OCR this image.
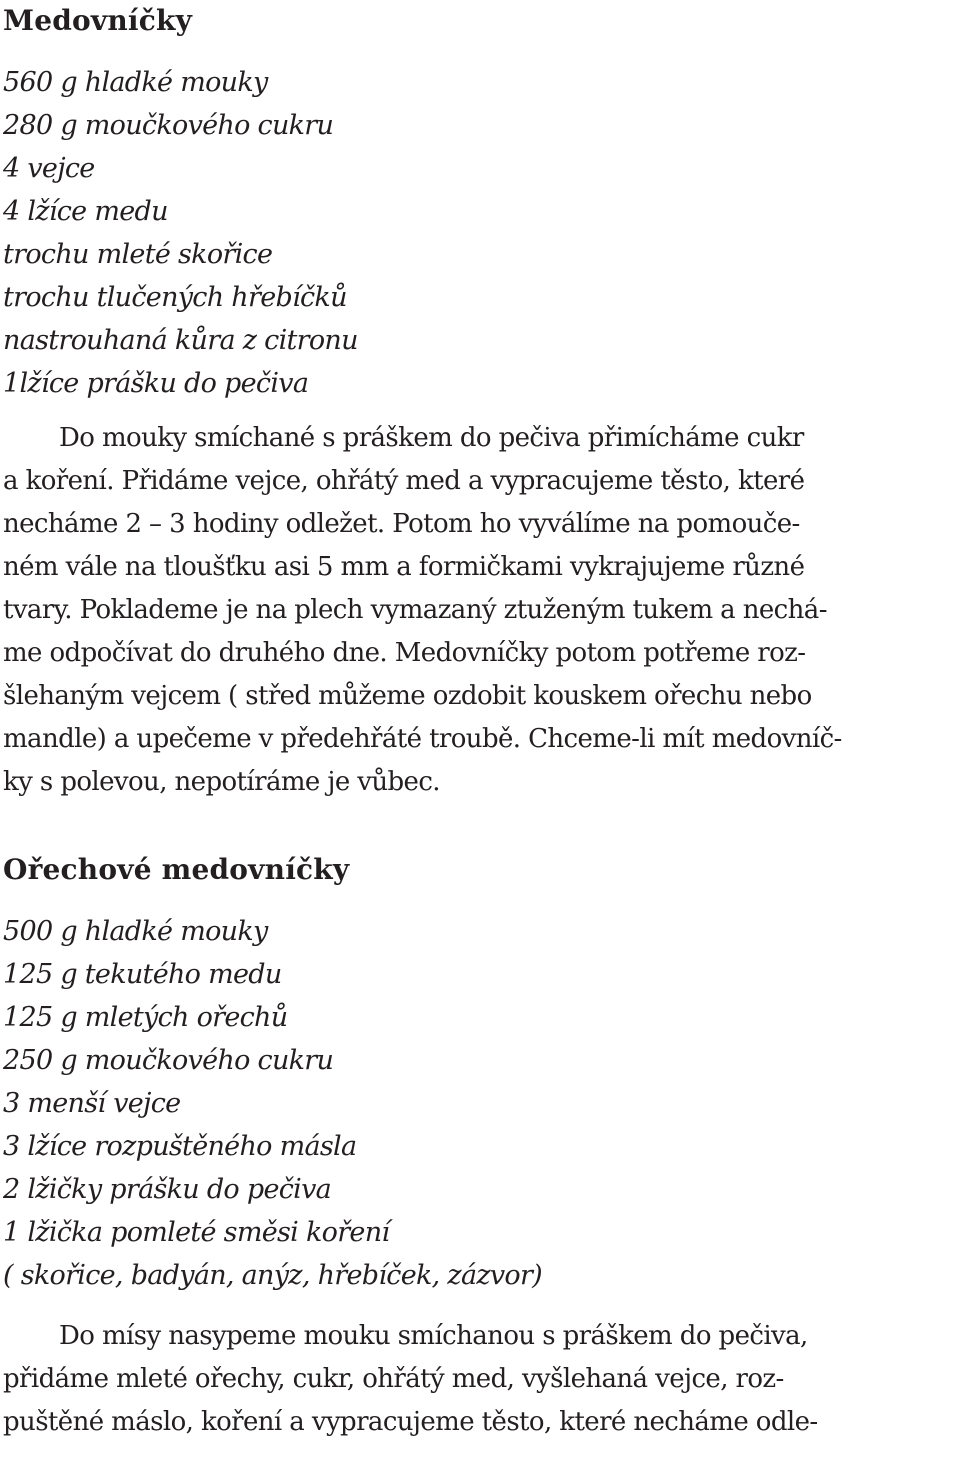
Medovníčky
560 g hladké mouky
280 g moučkového cukru
4 vejce
4 lžíce medu
trochu mleté skořice
trochu tlučených hřebíčků
nastrouhaná kůra z citronu
1lžíce prášku do pečiva

Do mouky smíchané s práškem do pečiva přimícháme cukr
a koření. Přidáme vejce, ohřátý med a vypracujeme těsto, které
necháme 2 – 3 hodiny odležet. Potom ho vyválíme na pomouče-
ném vále na tloušťku asi 5 mm a formičkami vykrajujeme různé
tvary. Poklademe je na plech vymazaný ztuženým tukem a nechá-
me odpočívat do druhého dne. Medovníčky potom potřeme roz-
šlehaným vejcem ( střed můžeme ozdobit kouskem ořechu nebo
mandle) a upečeme v předehřáté troubě. Chceme-li mít medovníč-
ky s polevou, nepotíráme je vůbec.

Ořechové medovníčky
500 g hladké mouky
125 g tekutého medu
125 g mletých ořechů
250 g moučkového cukru
3 menší vejce
3 lžíce rozpuštěného másla
2 lžičky prášku do pečiva
1 lžička pomleté směsi koření
( skořice, badyán, anýz, hřebíček, zázvor)

Do mísy nasypeme mouku smíchanou s práškem do pečiva,
přidáme mleté ořechy, cukr, ohřátý med, vyšlehaná vejce, roz-
puštěné máslo, koření a vypracujeme těsto, které necháme odle-
